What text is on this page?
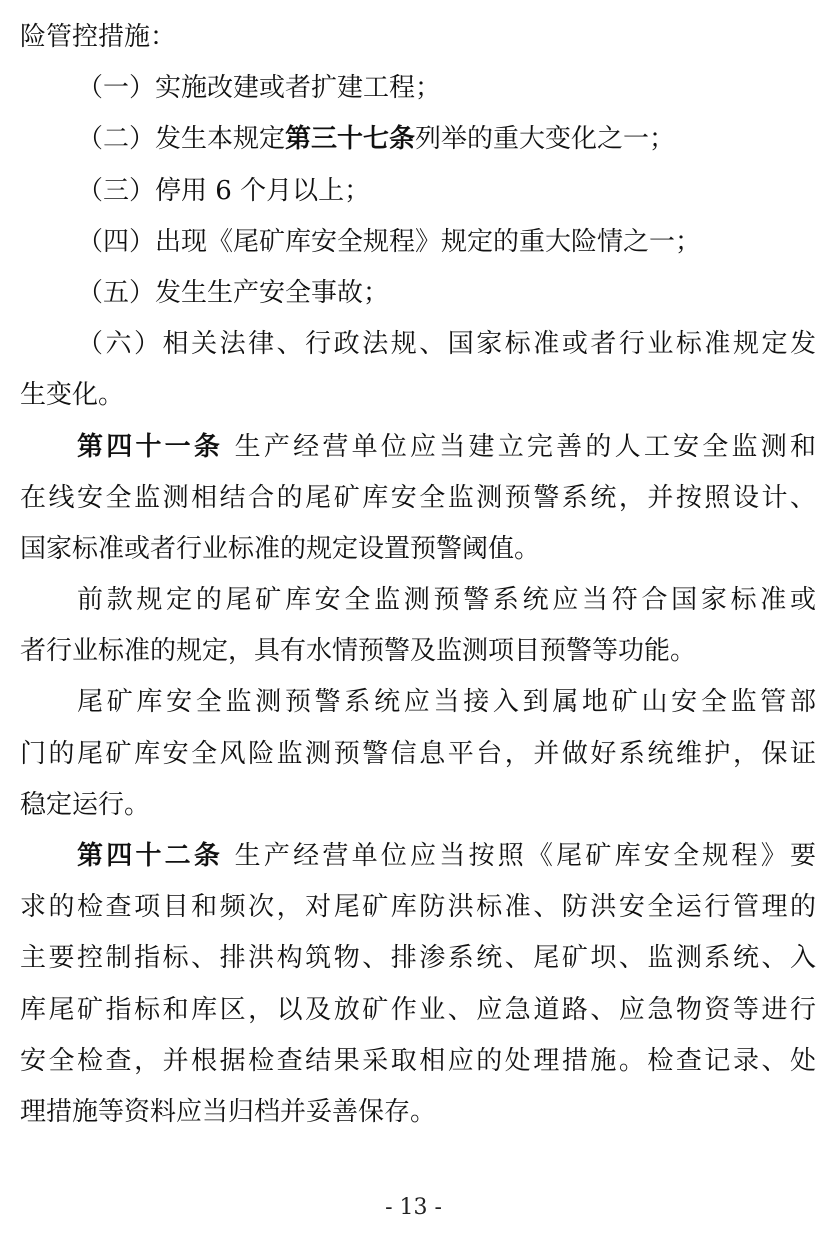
险管控措施：
（一）实施改建或者扩建工程；
（二）发生本规定第三十七条列举的重大变化之一；
（三）停用 6 个月以上；
（四）出现《尾矿库安全规程》规定的重大险情之一；
（五）发生生产安全事故；
（六）相关法律、行政法规、国家标准或者行业标准规定发
生变化。
第四十一条 生产经营单位应当建立完善的人工安全监测和
在线安全监测相结合的尾矿库安全监测预警系统，并按照设计、
国家标准或者行业标准的规定设置预警阈值。
前款规定的尾矿库安全监测预警系统应当符合国家标准或
者行业标准的规定，具有水情预警及监测项目预警等功能。
尾矿库安全监测预警系统应当接入到属地矿山安全监管部
门的尾矿库安全风险监测预警信息平台，并做好系统维护，保证
稳定运行。
第四十二条 生产经营单位应当按照《尾矿库安全规程》要
求的检查项目和频次，对尾矿库防洪标准、防洪安全运行管理的
主要控制指标、排洪构筑物、排渗系统、尾矿坝、监测系统、入
库尾矿指标和库区，以及放矿作业、应急道路、应急物资等进行
安全检查，并根据检查结果采取相应的处理措施。检查记录、处
理措施等资料应当归档并妥善保存。
- 13 -
